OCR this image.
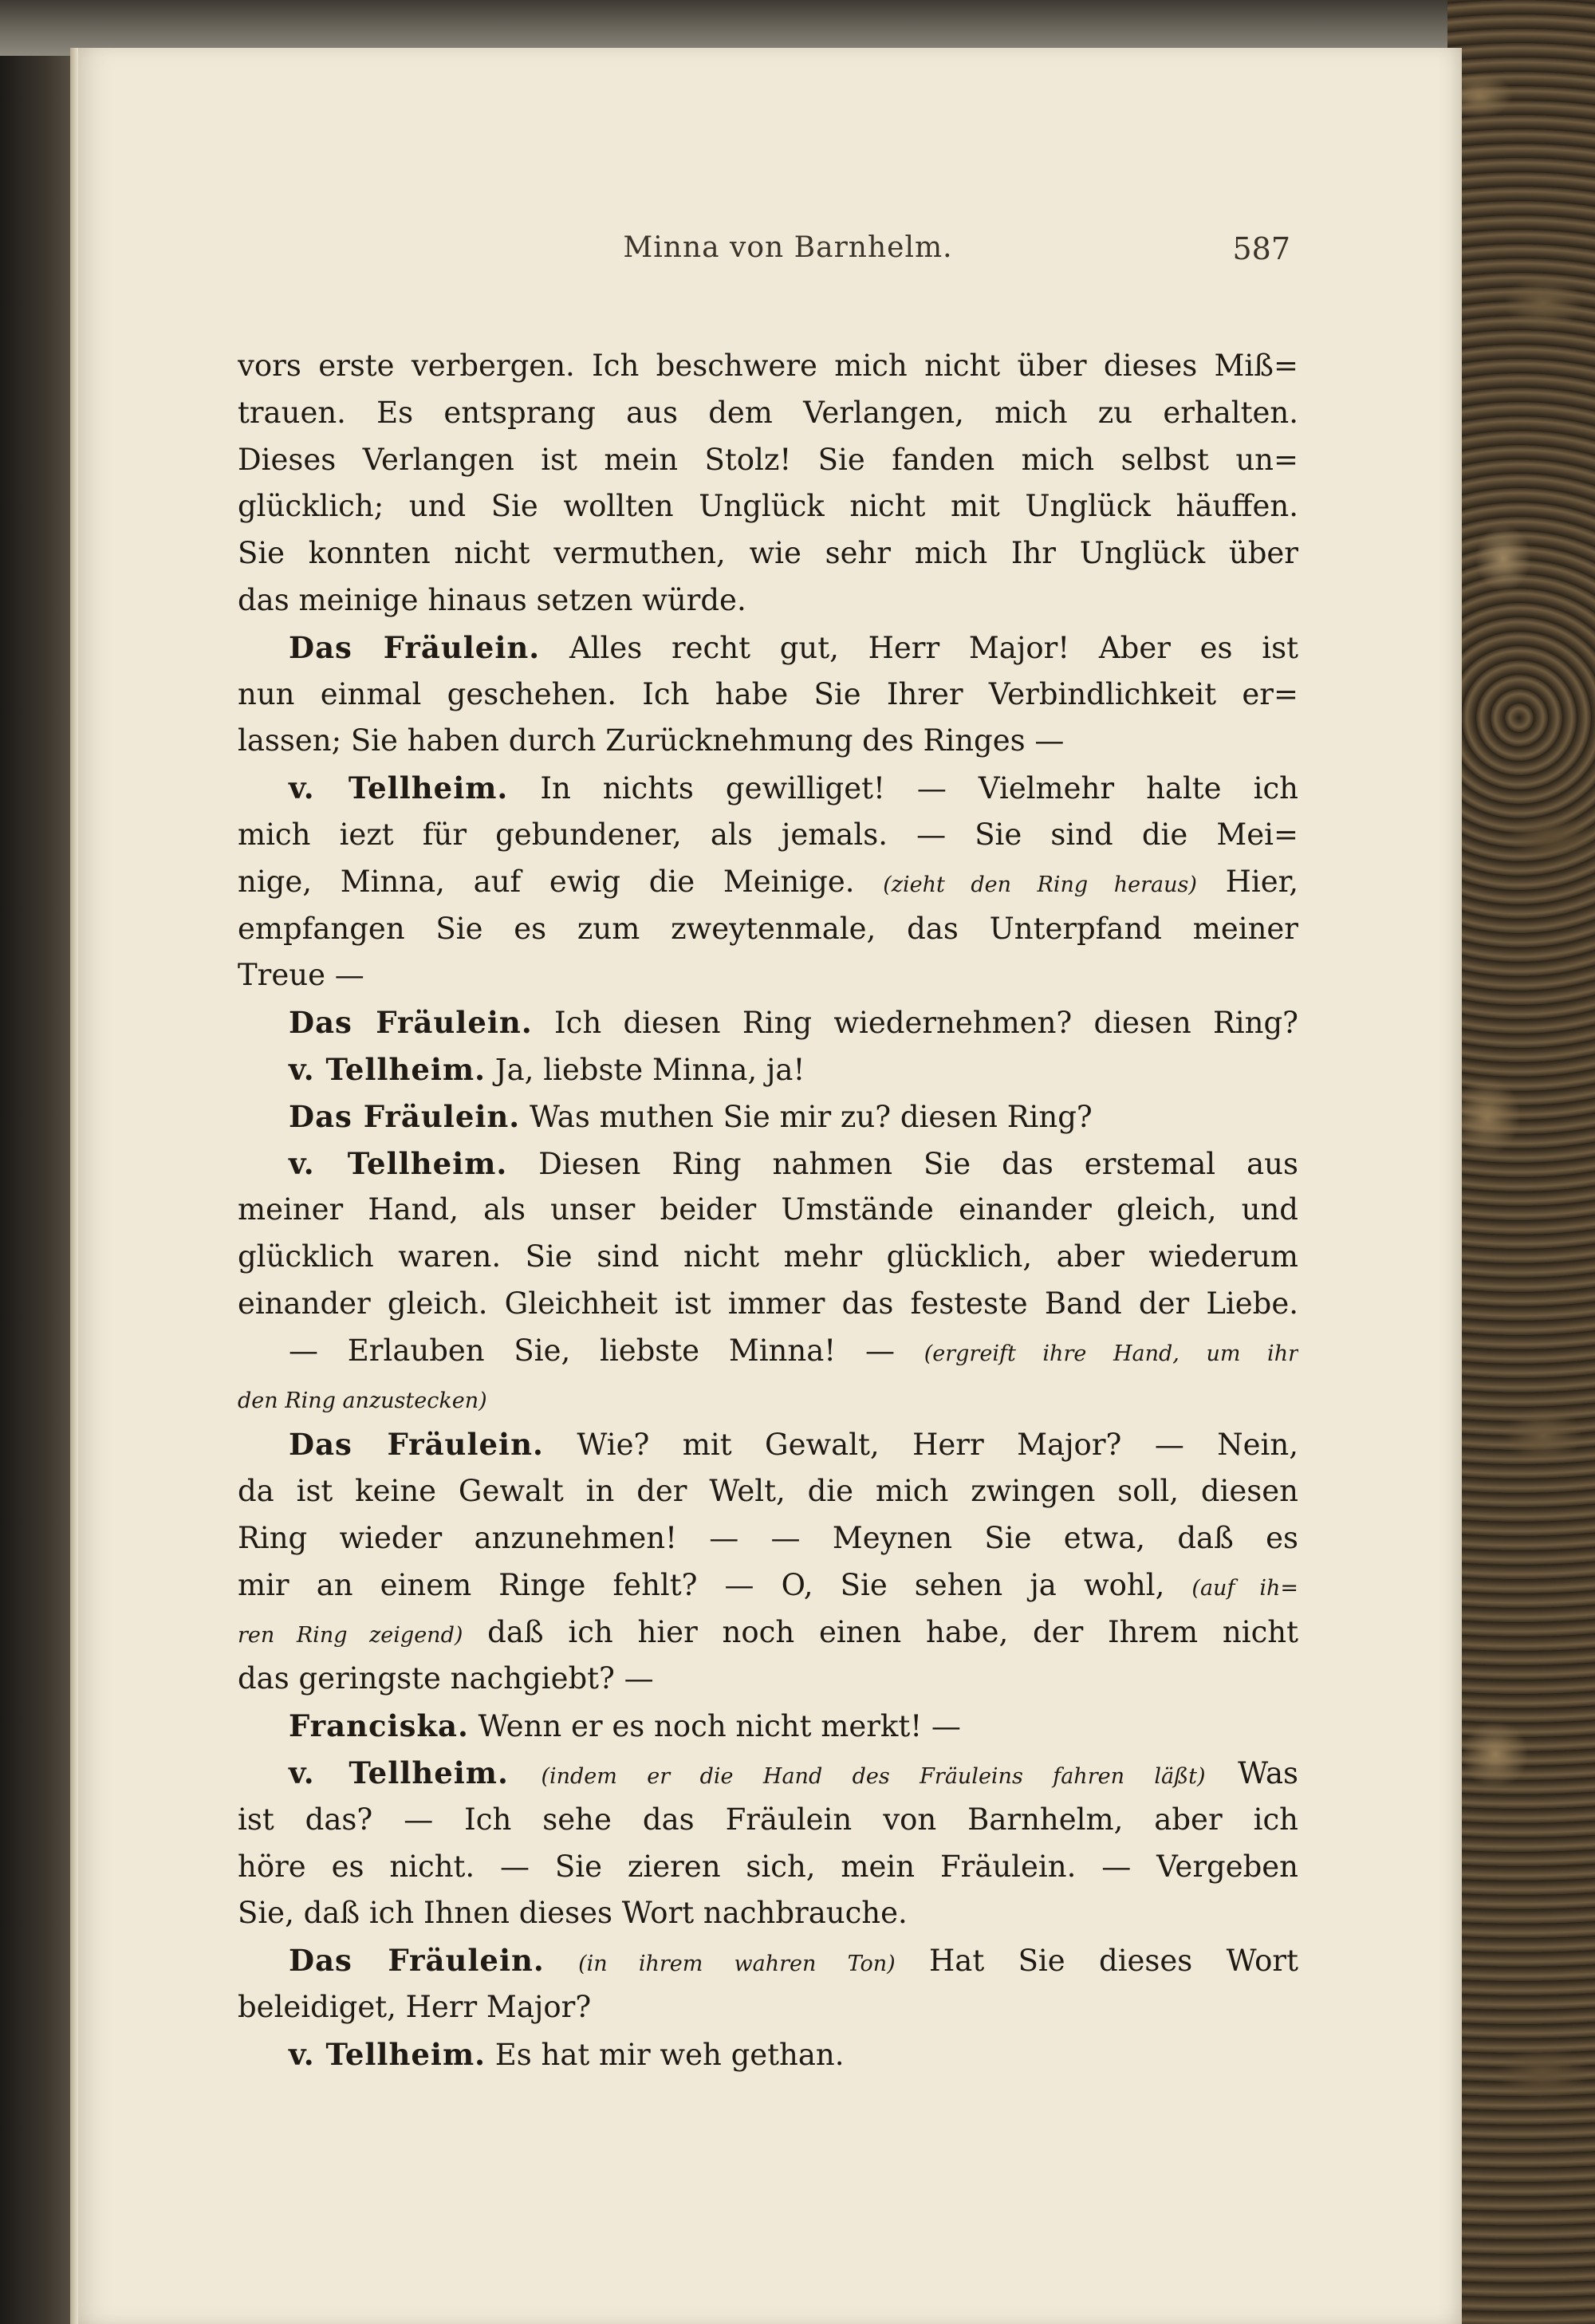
Minna von Barnhelm.	587
vors erste verbergen. Ich beschwere mich nicht über dieses Miß=
trauen. Es entsprang aus dem Verlangen, mich zu erhalten.
Dieses Verlangen ist mein Stolz! Sie fanden mich selbst un=
glücklich; und Sie wollten Unglück nicht mit Unglück häuffen.
Sie konnten nicht vermuthen, wie sehr mich Ihr Unglück über
das meinige hinaus setzen würde.
Das Fräulein. Alles recht gut, Herr Major! Aber es ist
nun einmal geschehen. Ich habe Sie Ihrer Verbindlichkeit er=
lassen; Sie haben durch Zurücknehmung des Ringes —
v. Tellheim. In nichts gewilliget! — Vielmehr halte ich
mich iezt für gebundener, als jemals. — Sie sind die Mei=
nige, Minna, auf ewig die Meinige. (zieht den Ring heraus) Hier,
empfangen Sie es zum zweytenmale, das Unterpfand meiner
Treue —
Das Fräulein. Ich diesen Ring wiedernehmen? diesen Ring?
v. Tellheim. Ja, liebste Minna, ja!
Das Fräulein. Was muthen Sie mir zu? diesen Ring?
v. Tellheim. Diesen Ring nahmen Sie das erstemal aus
meiner Hand, als unser beider Umstände einander gleich, und
glücklich waren. Sie sind nicht mehr glücklich, aber wiederum
einander gleich. Gleichheit ist immer das festeste Band der Liebe.
— Erlauben Sie, liebste Minna! — (ergreift ihre Hand, um ihr
den Ring anzustecken)
Das Fräulein. Wie? mit Gewalt, Herr Major? — Nein,
da ist keine Gewalt in der Welt, die mich zwingen soll, diesen
Ring wieder anzunehmen! — — Meynen Sie etwa, daß es
mir an einem Ringe fehlt? — O, Sie sehen ja wohl, (auf ih=
ren Ring zeigend) daß ich hier noch einen habe, der Ihrem nicht
das geringste nachgiebt? —
Franciska. Wenn er es noch nicht merkt! —
v. Tellheim. (indem er die Hand des Fräuleins fahren läßt) Was
ist das? — Ich sehe das Fräulein von Barnhelm, aber ich
höre es nicht. — Sie zieren sich, mein Fräulein. — Vergeben
Sie, daß ich Ihnen dieses Wort nachbrauche.
Das Fräulein. (in ihrem wahren Ton) Hat Sie dieses Wort
beleidiget, Herr Major?
v. Tellheim. Es hat mir weh gethan.
